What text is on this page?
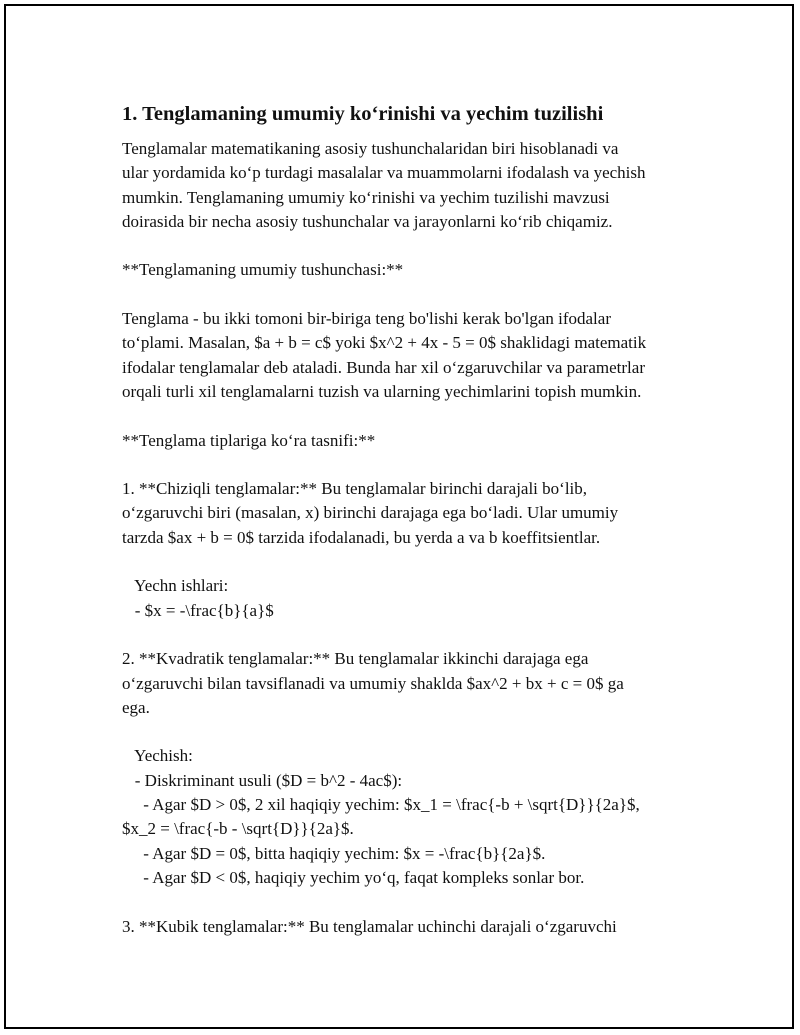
1. Tenglamaning umumiy koʻrinishi va yechim tuzilishi
Tenglamalar matematikaning asosiy tushunchalaridan biri hisoblanadi va
ular yordamida koʻp turdagi masalalar va muammolarni ifodalash va yechish
mumkin. Tenglamaning umumiy koʻrinishi va yechim tuzilishi mavzusi
doirasida bir necha asosiy tushunchalar va jarayonlarni koʻrib chiqamiz.
**Tenglamaning umumiy tushunchasi:**
Tenglama - bu ikki tomoni bir-biriga teng bo'lishi kerak bo'lgan ifodalar
toʻplami. Masalan, $a + b = c$ yoki $x^2 + 4x - 5 = 0$ shaklidagi matematik
ifodalar tenglamalar deb ataladi. Bunda har xil oʻzgaruvchilar va parametrlar
orqali turli xil tenglamalarni tuzish va ularning yechimlarini topish mumkin.
**Tenglama tiplariga koʻra tasnifi:**
1. **Chiziqli tenglamalar:** Bu tenglamalar birinchi darajali boʻlib,
oʻzgaruvchi biri (masalan, x) birinchi darajaga ega boʻladi. Ular umumiy
tarzda $ax + b = 0$ tarzida ifodalanadi, bu yerda a va b koeffitsientlar.
Yechn ishlari:
- $x = -\frac{b}{a}$
2. **Kvadratik tenglamalar:** Bu tenglamalar ikkinchi darajaga ega
oʻzgaruvchi bilan tavsiflanadi va umumiy shaklda $ax^2 + bx + c = 0$ ga
ega.
Yechish:
- Diskriminant usuli ($D = b^2 - 4ac$):
- Agar $D > 0$, 2 xil haqiqiy yechim: $x_1 = \frac{-b + \sqrt{D}}{2a}$,
$x_2 = \frac{-b - \sqrt{D}}{2a}$.
- Agar $D = 0$, bitta haqiqiy yechim: $x = -\frac{b}{2a}$.
- Agar $D < 0$, haqiqiy yechim yoʻq, faqat kompleks sonlar bor.
3. **Kubik tenglamalar:** Bu tenglamalar uchinchi darajali oʻzgaruvchi
